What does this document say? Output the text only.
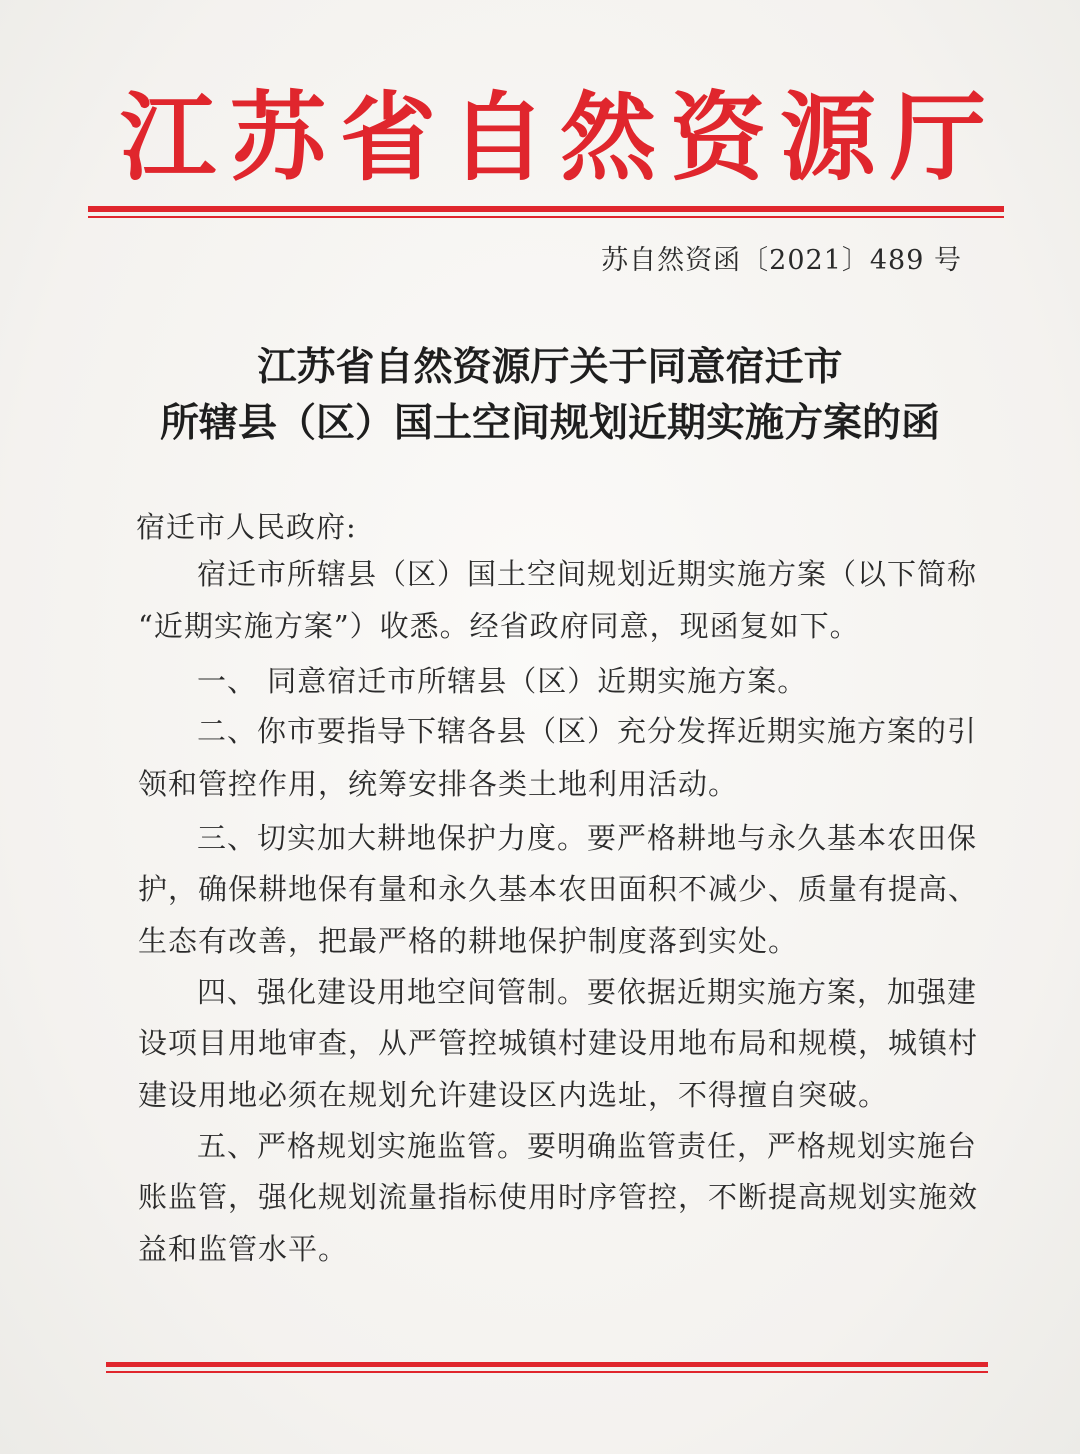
江苏省自然资源厅
苏自然资函〔2021〕489 号
江苏省自然资源厅关于同意宿迁市
所辖县（区）国土空间规划近期实施方案的函
宿迁市人民政府:
宿迁市所辖县（区）国土空间规划近期实施方案（以下简称
“近期实施方案”）收悉。经省政府同意，现函复如下。
一、 同意宿迁市所辖县（区）近期实施方案。
二、你市要指导下辖各县（区）充分发挥近期实施方案的引
领和管控作用，统筹安排各类土地利用活动。
三、切实加大耕地保护力度。要严格耕地与永久基本农田保
护，确保耕地保有量和永久基本农田面积不减少、质量有提高、
生态有改善，把最严格的耕地保护制度落到实处。
四、强化建设用地空间管制。要依据近期实施方案，加强建
设项目用地审查，从严管控城镇村建设用地布局和规模，城镇村
建设用地必须在规划允许建设区内选址，不得擅自突破。
五、严格规划实施监管。要明确监管责任，严格规划实施台
账监管，强化规划流量指标使用时序管控，不断提高规划实施效
益和监管水平。
